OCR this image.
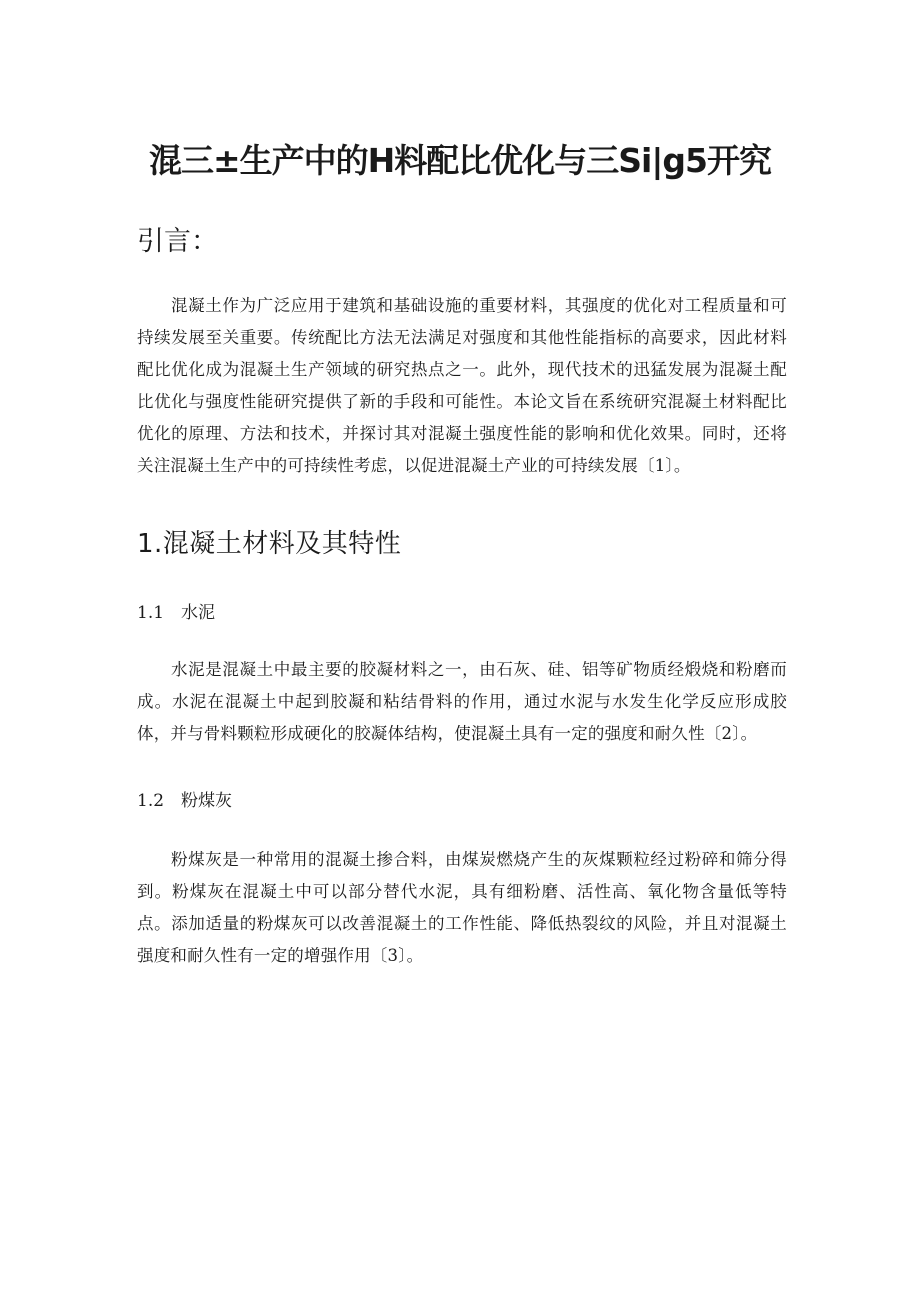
混三±生产中的H料配比优化与三Si|g5开究
引言：

混凝土作为广泛应用于建筑和基础设施的重要材料，其强度的优化对工程质量和可持续发展至关重要。传统配比方法无法满足对强度和其他性能指标的高要求，因此材料配比优化成为混凝土生产领域的研究热点之一。此外，现代技术的迅猛发展为混凝土配比优化与强度性能研究提供了新的手段和可能性。本论文旨在系统研究混凝土材料配比优化的原理、方法和技术，并探讨其对混凝土强度性能的影响和优化效果。同时，还将关注混凝土生产中的可持续性考虑，以促进混凝土产业的可持续发展〔1〕。

1.混凝土材料及其特性
1.1 水泥

水泥是混凝土中最主要的胶凝材料之一，由石灰、硅、铝等矿物质经煅烧和粉磨而成。水泥在混凝土中起到胶凝和粘结骨料的作用，通过水泥与水发生化学反应形成胶体，并与骨料颗粒形成硬化的胶凝体结构，使混凝土具有一定的强度和耐久性〔2〕。

1.2 粉煤灰

粉煤灰是一种常用的混凝土掺合料，由煤炭燃烧产生的灰煤颗粒经过粉碎和筛分得到。粉煤灰在混凝土中可以部分替代水泥，具有细粉磨、活性高、氧化物含量低等特点。添加适量的粉煤灰可以改善混凝土的工作性能、降低热裂纹的风险，并且对混凝土强度和耐久性有一定的增强作用〔3〕。
